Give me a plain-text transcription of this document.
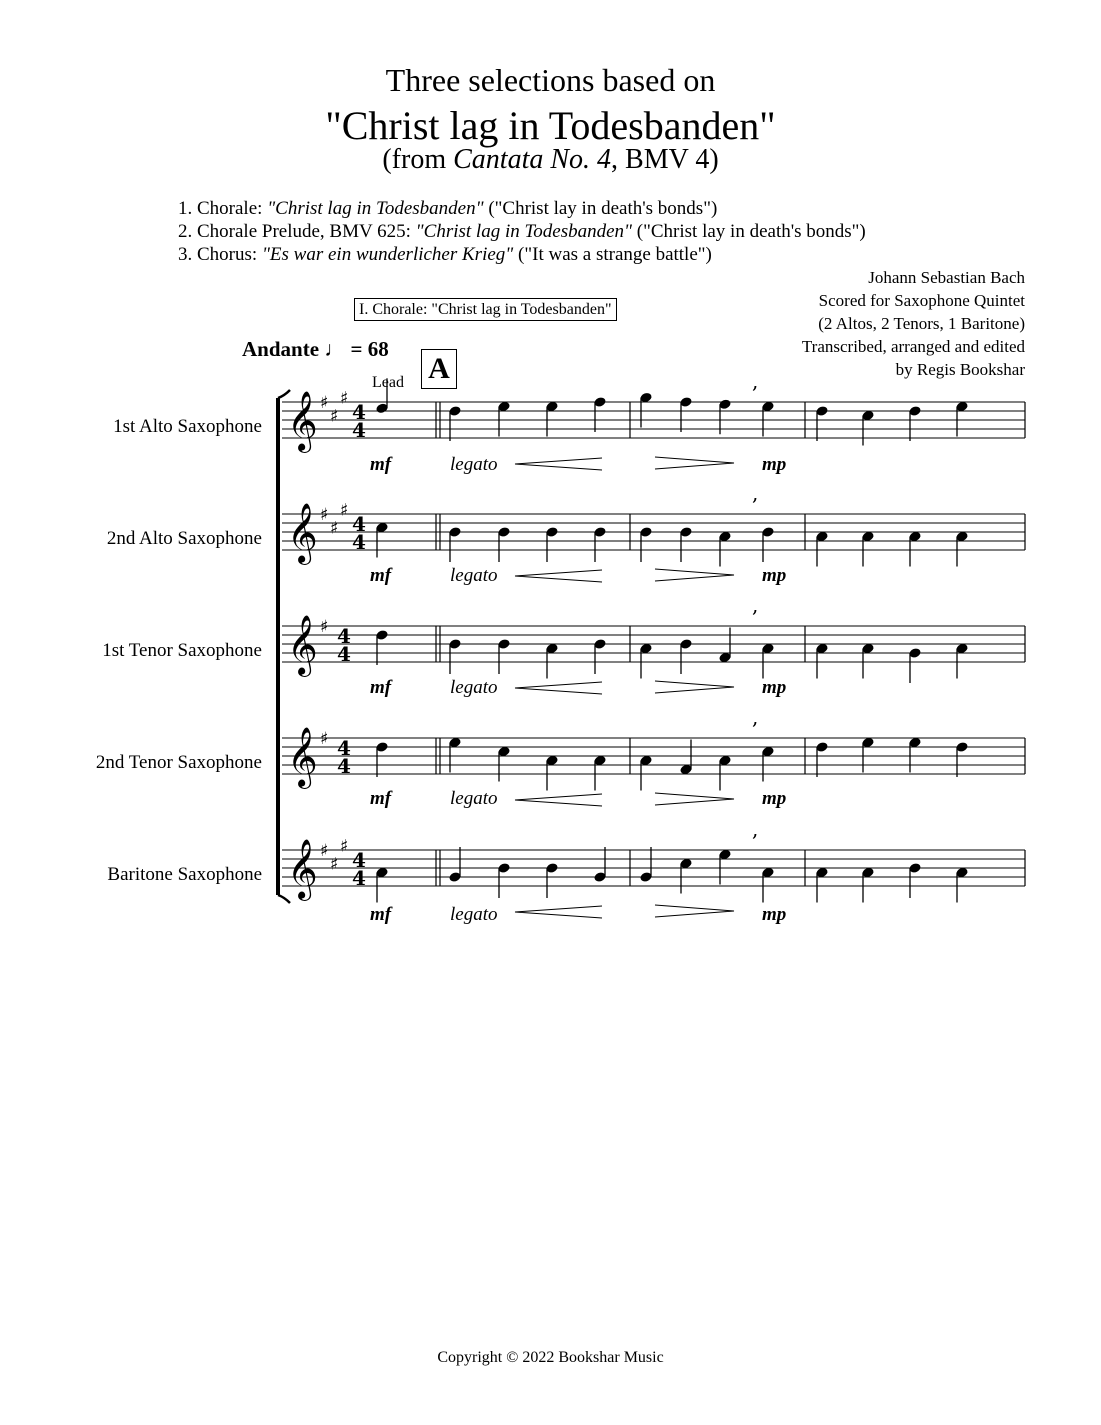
Three selections based on
"Christ lag in Todesbanden"
(from Cantata No. 4, BMV 4)
1. Chorale: "Christ lag in Todesbanden" ("Christ lay in death's bonds")
2. Chorale Prelude, BMV 625: "Christ lag in Todesbanden" ("Christ lay in death's bonds")
3. Chorus: "Es war ein wunderlicher Krieg" ("It was a strange battle")
Johann Sebastian Bach
Scored for Saxophone Quintet
(2 Altos, 2 Tenors, 1 Baritone)
Transcribed, arranged and edited
by Regis Bookshar
I. Chorale: "Christ lag in Todesbanden"
Andante ♩ = 68
Lead A
1st Alto Saxophone
2nd Alto Saxophone
1st Tenor Saxophone
2nd Tenor Saxophone
Baritone Saxophone
mf	legato	mp
mf	legato	mp
mf	legato	mp
mf	legato	mp
mf	legato	mp
𝄞 ♯
♯
♯
4
4
,
𝄞 ♯
♯
♯
4
4
,
𝄞 ♯ 4
4
,
𝄞 ♯ 4
4
,
𝄞 ♯
♯
♯
4
4
,
Copyright © 2022 Bookshar Music
